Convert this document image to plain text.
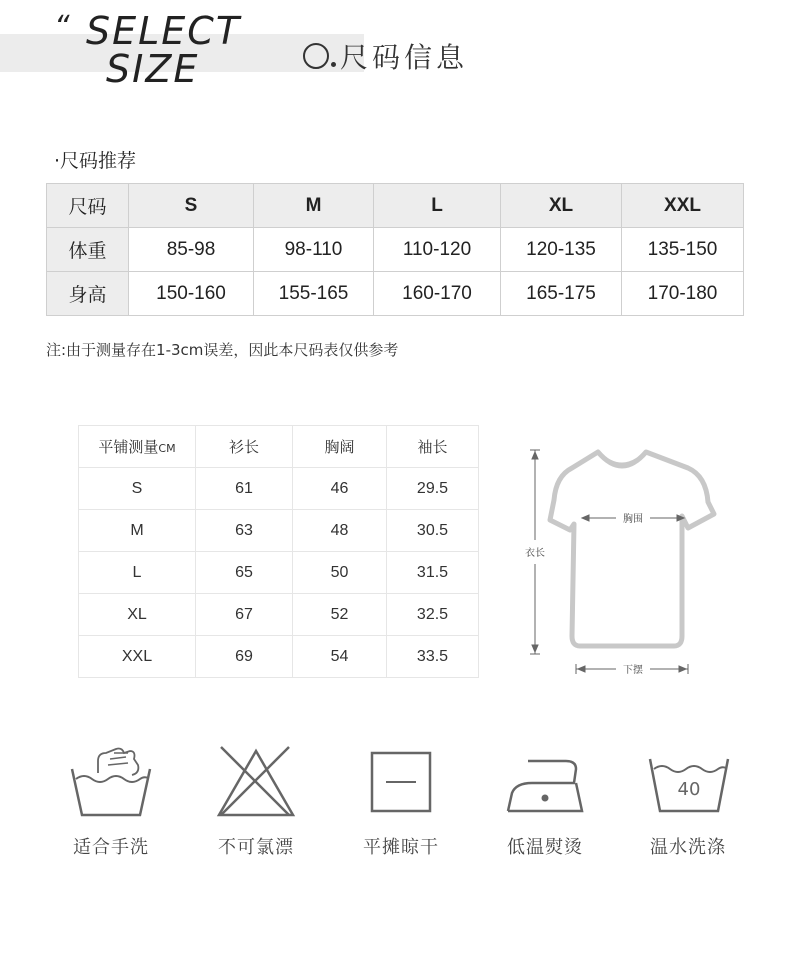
“ SELECT
SIZE	尺码信息
·尺码推荐
尺码	S	M	L	XL	XXL
体重	85-98	98-110	110-120	120-135	135-150
身高	150-160	155-165	160-170	165-175	170-180
注:由于测量存在1-3cm误差，因此本尺码表仅供参考
平铺测量CM	衫长	胸阔	袖长
S	61	46	29.5
M	63	48	30.5
L	65	50	31.5
XL	67	52	32.5
XXL	69	54	33.5
胸围
衣长
下摆
适合手洗	不可氯漂	平摊晾干	低温熨烫
40
温水洗涤
